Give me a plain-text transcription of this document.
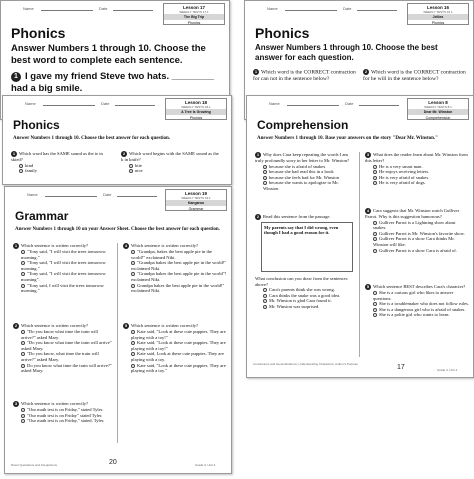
Name	Date	Lesson 17
WEEKLY TESTS 17.1
The Big Trip
Phonics
Phonics
Answer Numbers 1 through 10. Choose the best word to complete each sentence.
1 I gave my friend Steve two hats. ________ had a big smile.
Name	Date	Lesson 18
WEEKLY TESTS 18.1
A Tree Is Growing
Phonics
Phonics
Answer Numbers 1 through 10. Choose the best answer for each question.
1 Which word has the SAME sound as the ie in skied?
kind
family
2 Which word begins with the SAME sound as the k in knife?
kite
nice
Name	Date	Lesson 19
WEEKLY TESTS 19.1
Kangaroo
Grammar
Grammar
Answer Numbers 1 through 10 on your Answer Sheet. Choose the best answer for each question.
1 Which sentence is written correctly?
"Tony said, "I will visit the trees tomorrow morning."
"Tony said, "I will visit the trees tomorrow morning."
"Tony said, "I will visit the trees tomorrow morning".
"Tony said, I will visit the trees tomorrow morning."
4 Which sentence is written correctly?
"Grandpa, bakes the best apple pie in the world!" exclaimed Niki.
"Grandpa bakes the best apple pie in the world!" exclaimed Niki.
"Grandpa bakes the best apple pie in the world"! exclaimed Niki.
Grandpa bakes the best apple pie in the world!" exclaimed Niki.
2 Which sentence is written correctly?
"Do you know what time the train will arrive?" asked Mary.
"Do you know what time the train will arrive" asked Mary.
"Do you know, what time the train will arrive?" asked Mary.
Do you know what time the train will arrive?" asked Mary.
5 Which sentence is written correctly?
Kate said, "Look at these cute puppies. They are playing with a toy!"
Kate said, "Look at these cute puppies. They are playing with a toy!"
Kate said, Look at these cute puppies. They are playing with a toy.
Kate said, "Look at these cute puppies. They are playing with a toy."
3 Which sentence is written correctly?
"Our math test is on Friday," stated Tyler.
"Our math test is on Friday" stated Tyler.
"Our math test is on Friday," stated, Tyler.
Direct Quotations and Interjections	20	Grade 3, Unit 4
Name	Date	Lesson 16
WEEKLY TESTS 16.1
Jellies
Phonics
Phonics
Answer Numbers 1 through 10. Choose the best answer for each question.
1 Which word is the CORRECT contraction for can not in the sentence below?
2 Which word is the CORRECT contraction for he will in the sentence below?
Name	Date	Lesson 8
WEEKLY TESTS 8.1
Dear Mr. Winston
Comprehension
Comprehension
Answer Numbers 1 through 10. Base your answers on the story "Dear Mr. Winston."
1 Why does Cara keep repeating the words I am truly profoundly sorry in her letter to Mr. Winston?
because she is afraid of snakes
because she had read this in a book
because she feels bad for Mr. Winston
because she wants to apologize to Mr. Winston
2 Read this sentence from the passage.
My parents say that I did wrong, even though I had a good reason for it.
What conclusion can you draw from the sentences above?
Cara's parents think she was wrong.
Cara thinks the snake was a good idea.
Mr. Winston is glad Cara found it.
Mr. Winston was surprised.
3 What does the reader learn about Mr. Winston from this letter?
He is a very smart man.
He enjoys receiving letters.
He is very afraid of snakes.
He is very afraid of dogs.
4 Cara suggests that Mr. Winston watch Gulliver Parrot. Why is this suggestion humorous?
Gulliver Parrot is a Lightning show about snakes.
Gulliver Parrot is Mr. Winston's favorite show.
Gulliver Parrot is a show Cara thinks Mr. Winston will like.
Gulliver Parrot is a show Cara is afraid of.
5 Which sentence BEST describes Cara's character?
She is a curious girl who likes to answer questions.
She is a troublemaker who does not follow rules.
She is a dangerous girl who is afraid of snakes.
She is a polite girl who wants to learn.
Conclusions and Generalizations; Understanding Characters; Author's Purpose	17	Grade 3, Unit 2
